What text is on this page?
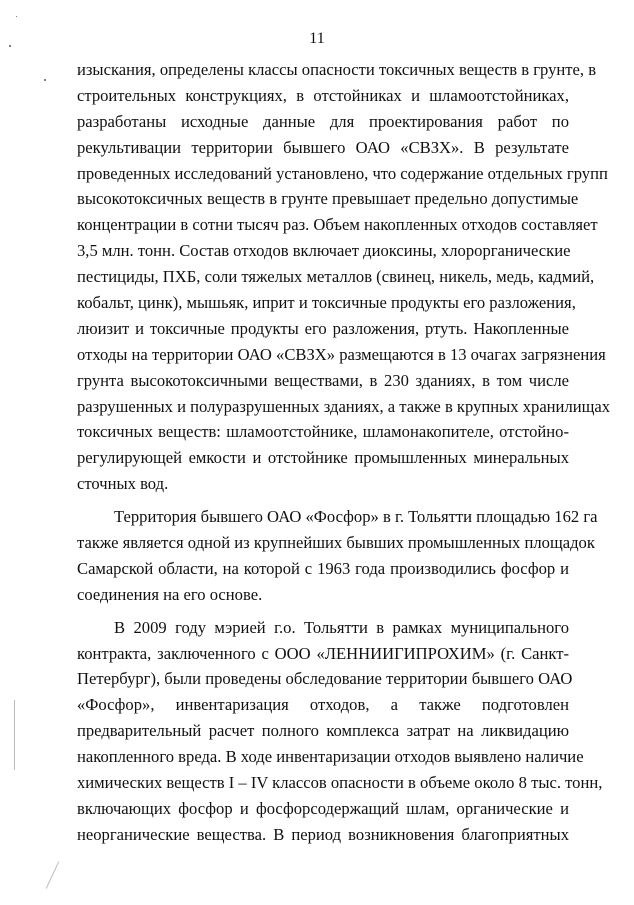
11
изыскания, определены классы опасности токсичных веществ в грунте, в
строительных конструкциях, в отстойниках и шламоотстойниках,
разработаны исходные данные для проектирования работ по
рекультивации территории бывшего ОАО «СВЗХ». В результате
проведенных исследований установлено, что содержание отдельных групп
высокотоксичных веществ в грунте превышает предельно допустимые
концентрации в сотни тысяч раз. Объем накопленных отходов составляет
3,5 млн. тонн. Состав отходов включает диоксины, хлорорганические
пестициды, ПХБ, соли тяжелых металлов (свинец, никель, медь, кадмий,
кобальт, цинк), мышьяк, иприт и токсичные продукты его разложения,
люизит и токсичные продукты его разложения, ртуть. Накопленные
отходы на территории ОАО «СВЗХ» размещаются в 13 очагах загрязнения
грунта высокотоксичными веществами, в 230 зданиях, в том числе
разрушенных и полуразрушенных зданиях, а также в крупных хранилищах
токсичных веществ: шламоотстойнике, шламонакопителе, отстойно-
регулирующей емкости и отстойнике промышленных минеральных
сточных вод.
Территория бывшего ОАО «Фосфор» в г. Тольятти площадью 162 га
также является одной из крупнейших бывших промышленных площадок
Самарской области, на которой с 1963 года производились фосфор и
соединения на его основе.
В 2009 году мэрией г.о. Тольятти в рамках муниципального
контракта, заключенного с ООО «ЛЕННИИГИПРОХИМ» (г. Санкт-
Петербург), были проведены обследование территории бывшего ОАО
«Фосфор», инвентаризация отходов, а также подготовлен
предварительный расчет полного комплекса затрат на ликвидацию
накопленного вреда. В ходе инвентаризации отходов выявлено наличие
химических веществ I – IV классов опасности в объеме около 8 тыс. тонн,
включающих фосфор и фосфорсодержащий шлам, органические и
неорганические вещества. В период возникновения благоприятных
